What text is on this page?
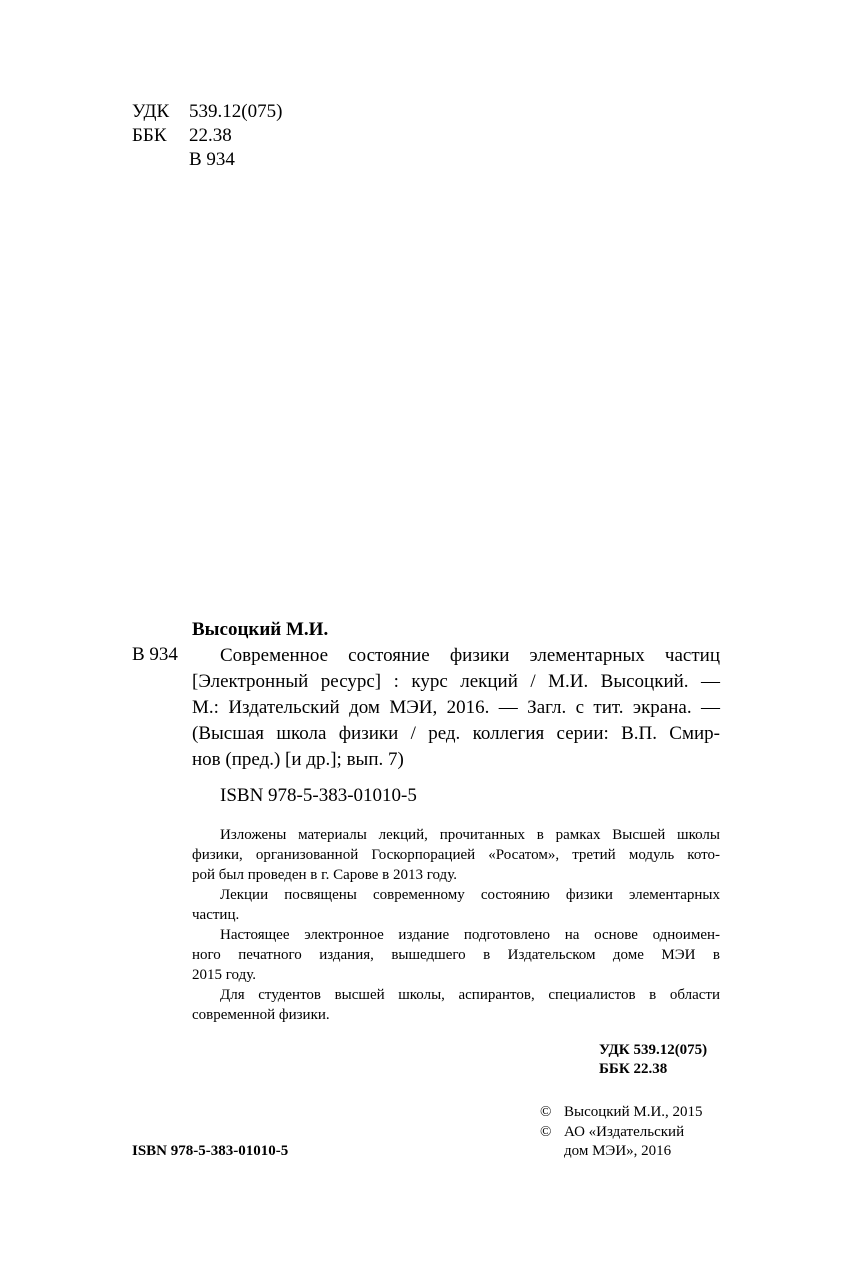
УДК 539.12(075)
ББК 22.38
В 934
Высоцкий М.И.
В 934	Современное состояние физики элементарных частиц
[Электронный ресурс] : курс лекций / М.И. Высоцкий. —
М.: Издательский дом МЭИ, 2016. — Загл. с тит. экрана. —
(Высшая школа физики / ред. коллегия серии: В.П. Смир-
нов (пред.) [и др.]; вып. 7)
ISBN 978-5-383-01010-5
Изложены материалы лекций, прочитанных в рамках Высшей школы
физики, организованной Госкорпорацией «Росатом», третий модуль кото-
рой был проведен в г. Сарове в 2013 году.
Лекции посвящены современному состоянию физики элементарных
частиц.
Настоящее электронное издание подготовлено на основе одноимен-
ного печатного издания, вышедшего в Издательском доме МЭИ в
2015 году.
Для студентов высшей школы, аспирантов, специалистов в области
современной физики.
УДК 539.12(075)
ББК 22.38
ISBN 978-5-383-01010-5
© Высоцкий М.И., 2015
© АО «Издательский
дом МЭИ», 2016
